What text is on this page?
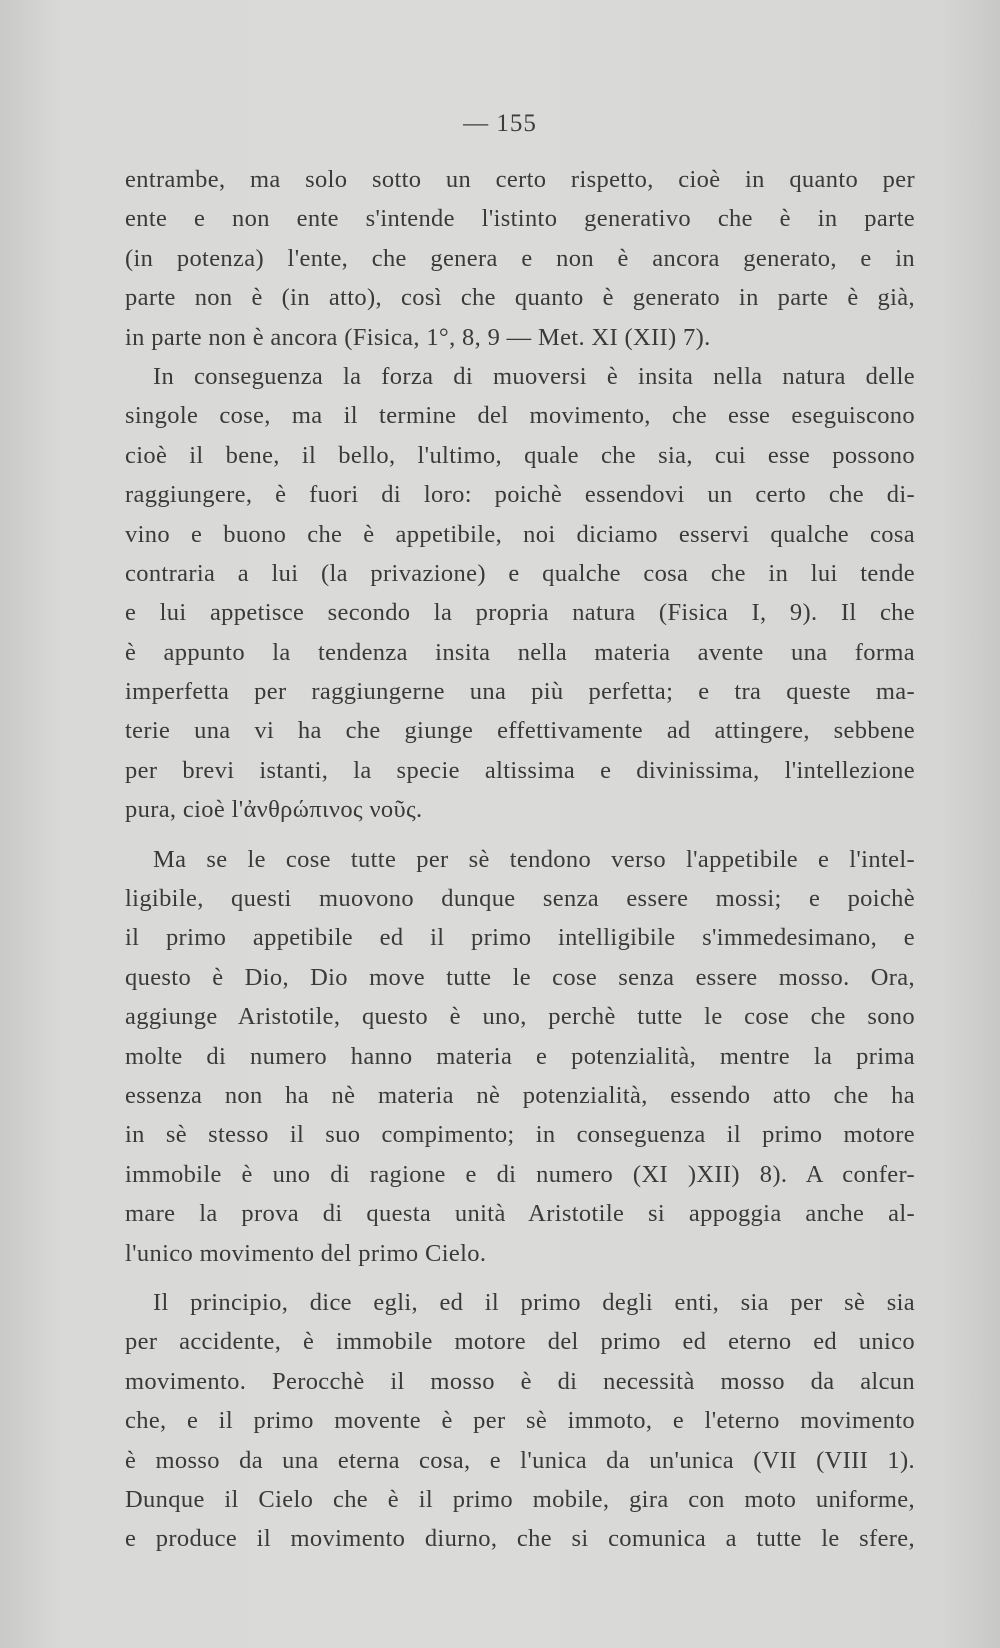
— 155
entrambe, ma solo sotto un certo rispetto, cioè in quanto per
ente e non ente s'intende l'istinto generativo che è in parte
(in potenza) l'ente, che genera e non è ancora generato, e in
parte non è (in atto), così che quanto è generato in parte è già,
in parte non è ancora (Fisica, 1°, 8, 9 — Met. XI (XII) 7).
In conseguenza la forza di muoversi è insita nella natura delle
singole cose, ma il termine del movimento, che esse eseguiscono
cioè il bene, il bello, l'ultimo, quale che sia, cui esse possono
raggiungere, è fuori di loro: poichè essendovi un certo che di-
vino e buono che è appetibile, noi diciamo esservi qualche cosa
contraria a lui (la privazione) e qualche cosa che in lui tende
e lui appetisce secondo la propria natura (Fisica I, 9). Il che
è appunto la tendenza insita nella materia avente una forma
imperfetta per raggiungerne una più perfetta; e tra queste ma-
terie una vi ha che giunge effettivamente ad attingere, sebbene
per brevi istanti, la specie altissima e divinissima, l'intellezione
pura, cioè l'ἀνθρώπινος νοῦς.
Ma se le cose tutte per sè tendono verso l'appetibile e l'intel-
ligibile, questi muovono dunque senza essere mossi; e poichè
il primo appetibile ed il primo intelligibile s'immedesimano, e
questo è Dio, Dio move tutte le cose senza essere mosso. Ora,
aggiunge Aristotile, questo è uno, perchè tutte le cose che sono
molte di numero hanno materia e potenzialità, mentre la prima
essenza non ha nè materia nè potenzialità, essendo atto che ha
in sè stesso il suo compimento; in conseguenza il primo motore
immobile è uno di ragione e di numero (XI )XII) 8). A confer-
mare la prova di questa unità Aristotile si appoggia anche al-
l'unico movimento del primo Cielo.
Il principio, dice egli, ed il primo degli enti, sia per sè sia
per accidente, è immobile motore del primo ed eterno ed unico
movimento. Perocchè il mosso è di necessità mosso da alcun
che, e il primo movente è per sè immoto, e l'eterno movimento
è mosso da una eterna cosa, e l'unica da un'unica (VII (VIII 1).
Dunque il Cielo che è il primo mobile, gira con moto uniforme,
e produce il movimento diurno, che si comunica a tutte le sfere,
